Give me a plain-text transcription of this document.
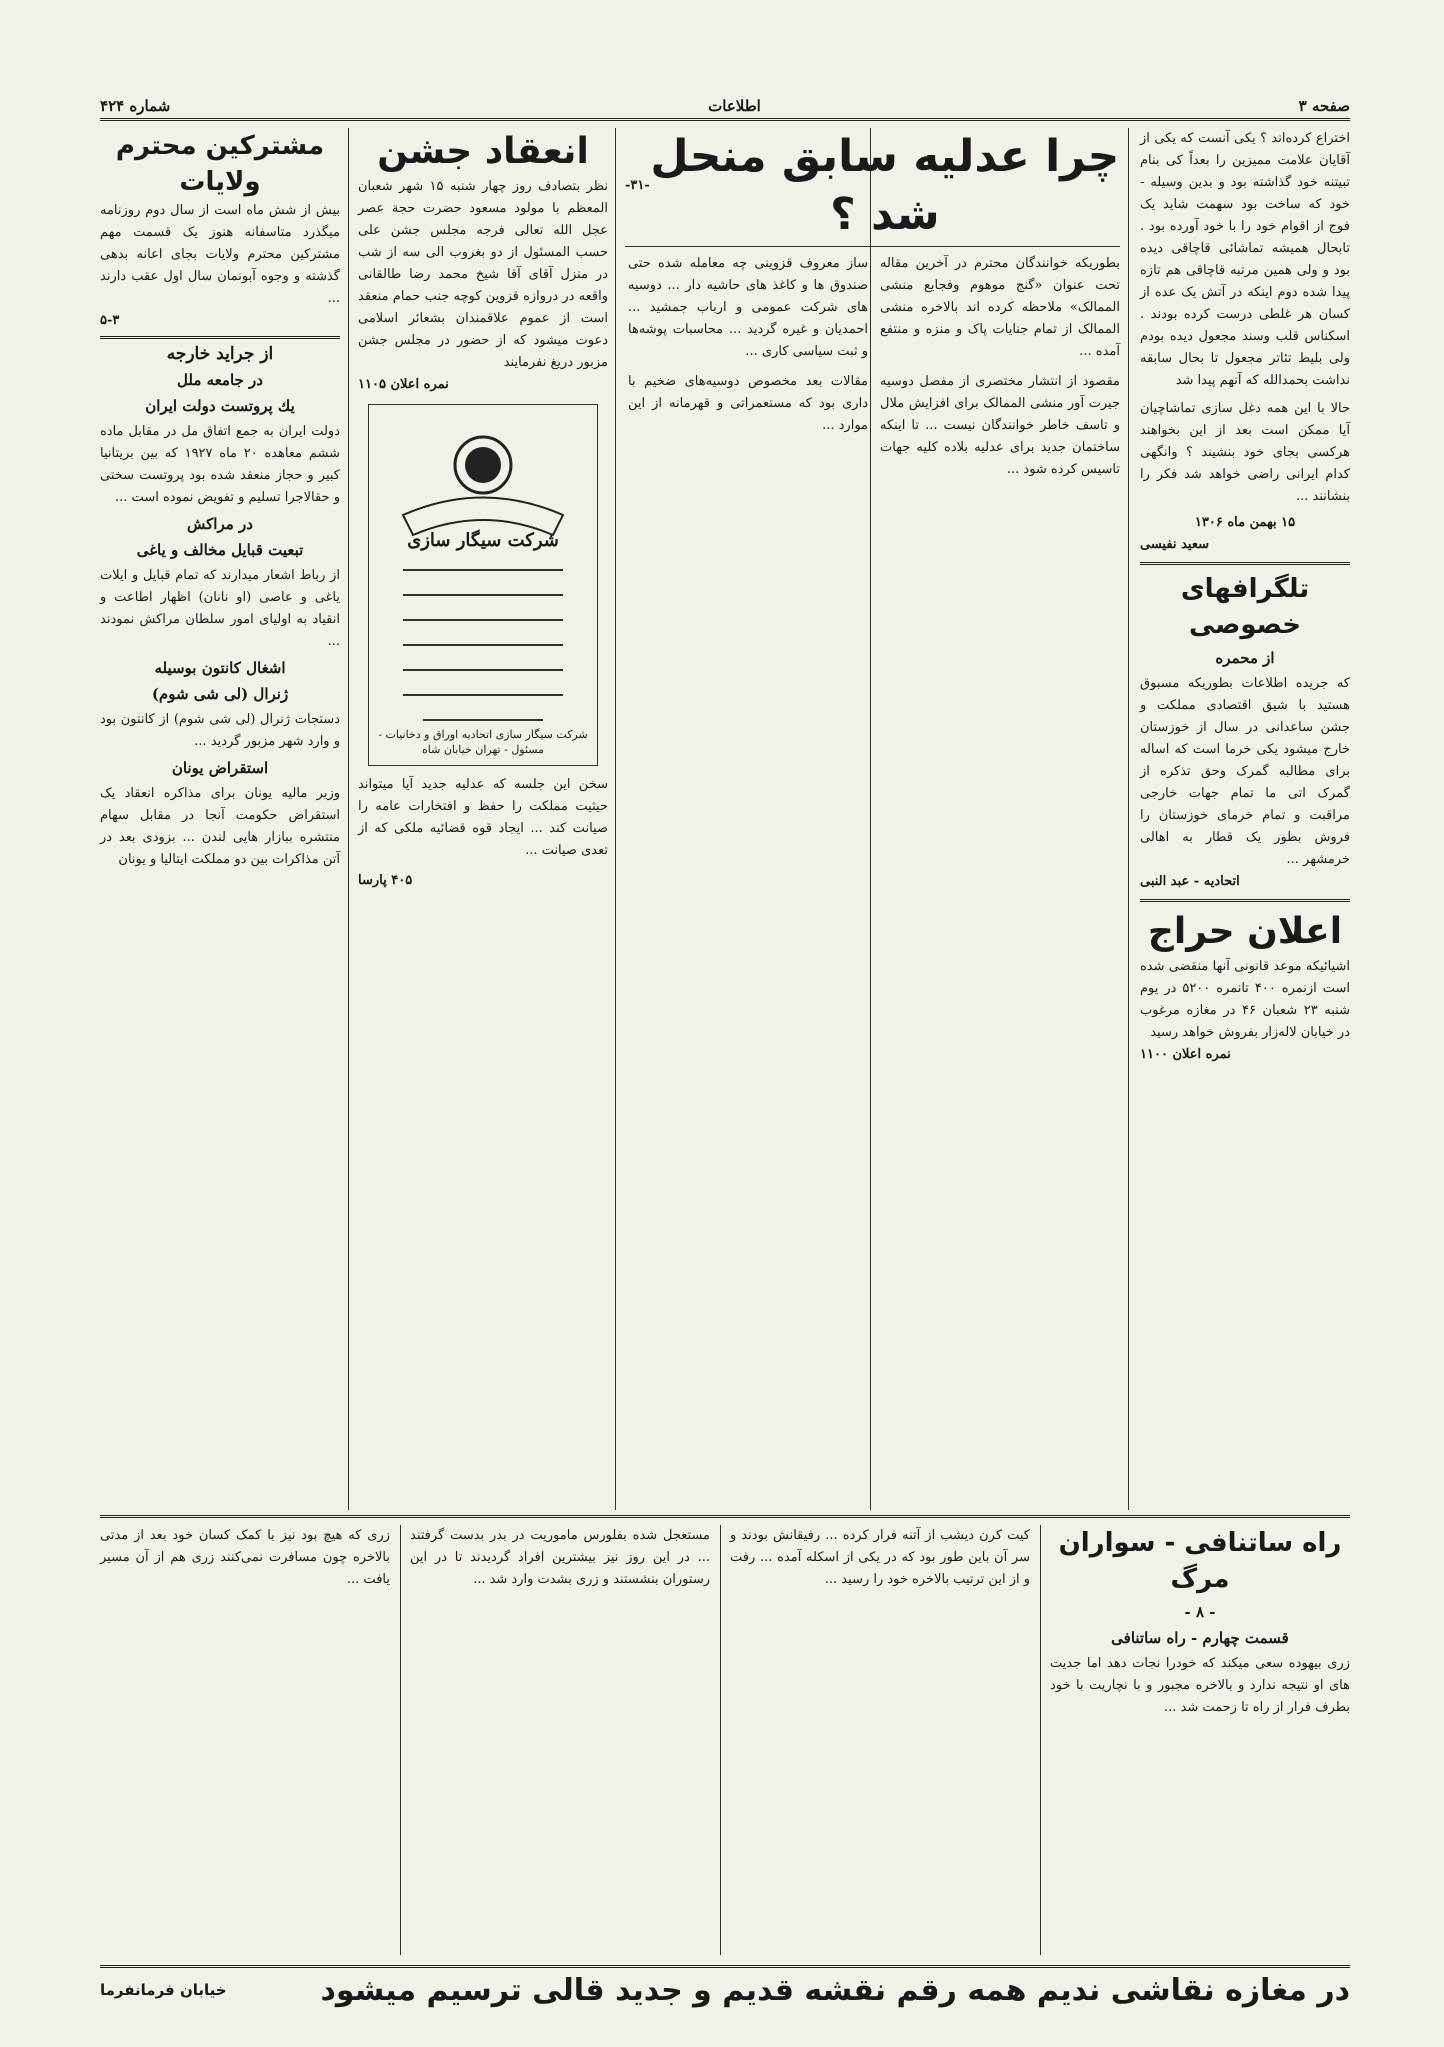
صفحه ۳
اطلاعات
شماره ۴۲۴
اختراع کرده‌اند ؟ یکی آنست که یکی از آقایان علامت ممیزین را بعداً کی بنام تبیتنه خود گذاشته بود و بدین وسیله - خود که ساخت بود سهمت شاید یک فوج از اقوام خود را با خود آورده بود . تابحال همیشه تماشائی قاچاقی دیده بود و ولی همین مرتبه قاچاقی هم تازه پیدا شده دوم اینکه در آتش یک عده از کسان هر غلطی درست کرده بودند . اسکناس قلب وسند مجعول دیده بودم ولی بلیط تئاتر مجعول تا بحال سابقه نداشت بحمدالله که آنهم پیدا شد
حالا با این همه دغل سازی تماشاچیان آیا ممکن است بعد از این بخواهند هرکسی بجای خود بنشیند ؟ وانگهی کدام ایرانی راضی خواهد شد فکر را بنشانند ...
۱۵ بهمن ماه ۱۳۰۶
سعید نفیسی
تلگرافهای خصوصی
از محمره
که جریده اطلاعات بطوریکه مسبوق هستید با شیق اقتصادی مملکت و جشن ساعدانی در سال از خوزستان خارج میشود یکی خرما است که اساله برای مطالبه گمرک وحق تذکره از گمرک اتی ما تمام جهات خارجی مراقبت و تمام خرمای خوزستان را فروش بطور یک قطار به اهالی خرمشهر ...
اتحادیه - عبد النبی
اعلان حراج
اشیائیکه موعد قانونی آنها منقضی شده است ازنمره ۴۰۰ تانمره ۵۲۰۰ در یوم شنبه ۲۳ شعبان ۴۶ در مغازه مرغوب در خیابان لاله‌زار بفروش خواهد رسید
نمره اعلان ۱۱۰۰
چرا عدلیه سابق منحل شد ؟
-۳۱-
بطوریکه خوانندگان محترم در آخرین مقاله تحت عنوان «گنج موهوم وفجایع منشی الممالک» ملاحظه کرده اند بالاخره منشی الممالک از تمام جنایات پاک و منزه و منتفع آمده ...
مقصود از انتشار مختصری از مفصل دوسیه جیرت آور منشی الممالک برای افزایش ملال و تاسف خاطر خوانندگان نیست ... تا اینکه ساختمان جدید برای عدلیه بلاده کلیه جهات تاسیس کرده شود ...
ساز معروف قزوینی چه معامله شده حتی صندوق ها و کاغذ های حاشیه دار ... دوسیه های شرکت عمومی و ارباب جمشید ... احمدیان و غیره گردید ... محاسبات پوشه‌ها و ثبت سیاسی کاری ...
مقالات بعد مخصوص دوسیه‌های ضخیم با داری بود که مستعمراتی و قهرمانه از این موارد ...
انعقاد جشن
نظر بتصادف روز چهار شنبه ۱۵ شهر شعبان المعظم با مولود مسعود حضرت حجة عصر عجل الله تعالی فرجه مجلس جشن علی حسب المسئول از دو بغروب الی سه از شب در منزل آقای آقا شیخ محمد رضا طالقانی واقعه در دروازه قزوین کوچه جنب حمام منعقد است از عموم علاقمندان بشعائر اسلامی دعوت میشود که از حضور در مجلس جشن مزبور دریغ نفرمایند
نمره اعلان ۱۱۰۵
شرکت سیگار سازی
شرکت سیگار سازی اتحادیه اوراق و دخانیات - مسئول - تهران خیابان شاه
سخن این جلسه که عدلیه جدید آیا میتواند حیثیت مملکت را حفظ و افتخارات عامه را صیانت کند ... ایجاد قوه قضائیه ملکی که از تعدی صیانت ...
۴۰۵ پارسا
مشترکین محترم ولایات
بیش از شش ماه است از سال دوم روزنامه میگذرد متاسفانه هنوز یک قسمت مهم مشترکین محترم ولایات بجای اعانه بدهی گذشته و وجوه آبونمان سال اول عقب دارند ...
۵-۳
از جراید خارجه
در جامعه ملل
یك پروتست دولت ایران
دولت ایران به جمع اتفاق مل در مقابل ماده ششم معاهده ۲۰ ماه ۱۹۲۷ که بین بریتانیا کبیر و حجاز منعقد شده بود پروتست سختی و حقالاجرا تسلیم و تفویض نموده است ...
در مراکش
تبعیت قبایل مخالف و یاغی
از رباط اشعار میدارند که تمام قبایل و ایلات یاغی و عاصی (او نانان) اظهار اطاعت و انقیاد به اولیای امور سلطان مراکش نمودند ...
اشغال کانتون بوسیله
ژنرال (لی شی شوم)
دستجات ژنرال (لی شی شوم) از کانتون بود و وارد شهر مزبور گردید ...
استقراض یونان
وزیر مالیه یونان برای مذاکره انعقاد یک استقراض حکومت آنجا در مقابل سهام منتشره ببازار هایی لندن ... بزودی بعد در آتن مذاکرات بین دو مملکت ایتالیا و یونان
راه ساتنافی - سواران مرگ
- ۸ -
قسمت چهارم - راه ساتنافی
زری بیهوده سعی میکند که خودرا نجات دهد اما جدیت های او نتیجه ندارد و بالاخره مجبور و با نچاریت با خود بطرف فرار از راه تا زحمت شد ...
کیت کرن دیشب از آتنه فرار کرده ... رفیقانش بودند و سر آن باین طور بود که در یکی از اسکله آمده ... رفت و از این ترتیب بالاخره خود را رسید ...
مستعجل شده بفلورس ماموریت در بدر بدست گرفتند ... در این روز نیز بیشترین افراد گردیدند تا در این رستوران بنشستند و زری بشدت وارد شد ...
زری که هیچ بود نیز با کمک کسان خود بعد از مدتی بالاخره چون مسافرت نمی‌کنند زری هم از آن مسیر یافت ...
در مغازه نقاشی ندیم همه رقم نقشه قدیم و جدید قالی ترسیم میشود
خیابان فرمانفرما
